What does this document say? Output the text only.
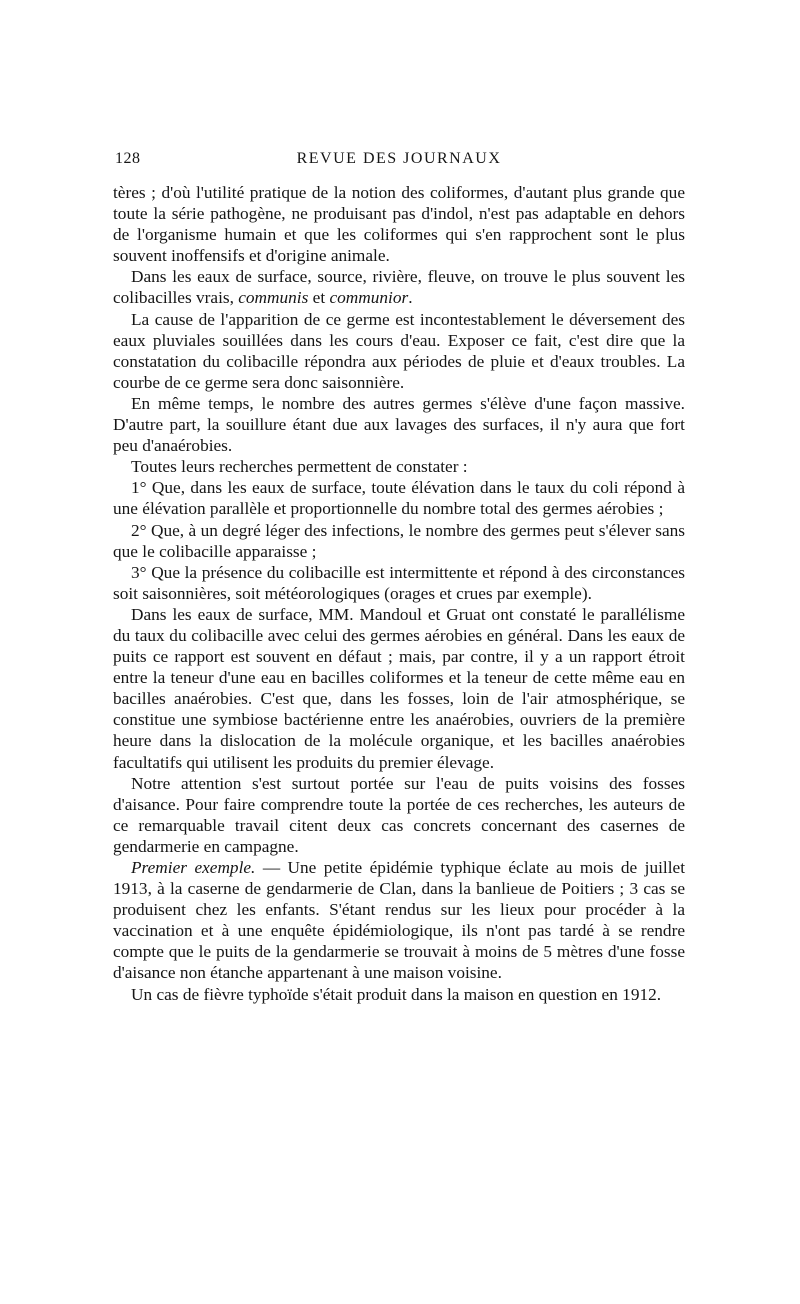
128	REVUE DES JOURNAUX

tères ; d'où l'utilité pratique de la notion des coliformes, d'autant plus grande que toute la série pathogène, ne produisant pas d'indol, n'est pas adaptable en dehors de l'organisme humain et que les coliformes qui s'en rapprochent sont le plus souvent inoffensifs et d'origine animale.

Dans les eaux de surface, source, rivière, fleuve, on trouve le plus souvent les colibacilles vrais, communis et communior.

La cause de l'apparition de ce germe est incontestablement le déversement des eaux pluviales souillées dans les cours d'eau. Exposer ce fait, c'est dire que la constatation du colibacille répondra aux périodes de pluie et d'eaux troubles. La courbe de ce germe sera donc saisonnière.

En même temps, le nombre des autres germes s'élève d'une façon massive. D'autre part, la souillure étant due aux lavages des surfaces, il n'y aura que fort peu d'anaérobies.

Toutes leurs recherches permettent de constater :

1° Que, dans les eaux de surface, toute élévation dans le taux du coli répond à une élévation parallèle et proportionnelle du nombre total des germes aérobies ;

2° Que, à un degré léger des infections, le nombre des germes peut s'élever sans que le colibacille apparaisse ;

3° Que la présence du colibacille est intermittente et répond à des circonstances soit saisonnières, soit météorologiques (orages et crues par exemple).

Dans les eaux de surface, MM. Mandoul et Gruat ont constaté le parallélisme du taux du colibacille avec celui des germes aérobies en général. Dans les eaux de puits ce rapport est souvent en défaut ; mais, par contre, il y a un rapport étroit entre la teneur d'une eau en bacilles coliformes et la teneur de cette même eau en bacilles anaérobies. C'est que, dans les fosses, loin de l'air atmosphérique, se constitue une symbiose bactérienne entre les anaérobies, ouvriers de la première heure dans la dislocation de la molécule organique, et les bacilles anaérobies facultatifs qui utilisent les produits du premier élevage.

Notre attention s'est surtout portée sur l'eau de puits voisins des fosses d'aisance. Pour faire comprendre toute la portée de ces recherches, les auteurs de ce remarquable travail citent deux cas concrets concernant des casernes de gendarmerie en campagne.

Premier exemple. — Une petite épidémie typhique éclate au mois de juillet 1913, à la caserne de gendarmerie de Clan, dans la banlieue de Poitiers ; 3 cas se produisent chez les enfants. S'étant rendus sur les lieux pour procéder à la vaccination et à une enquête épidémiologique, ils n'ont pas tardé à se rendre compte que le puits de la gendarmerie se trouvait à moins de 5 mètres d'une fosse d'aisance non étanche appartenant à une maison voisine.

Un cas de fièvre typhoïde s'était produit dans la maison en question en 1912.
